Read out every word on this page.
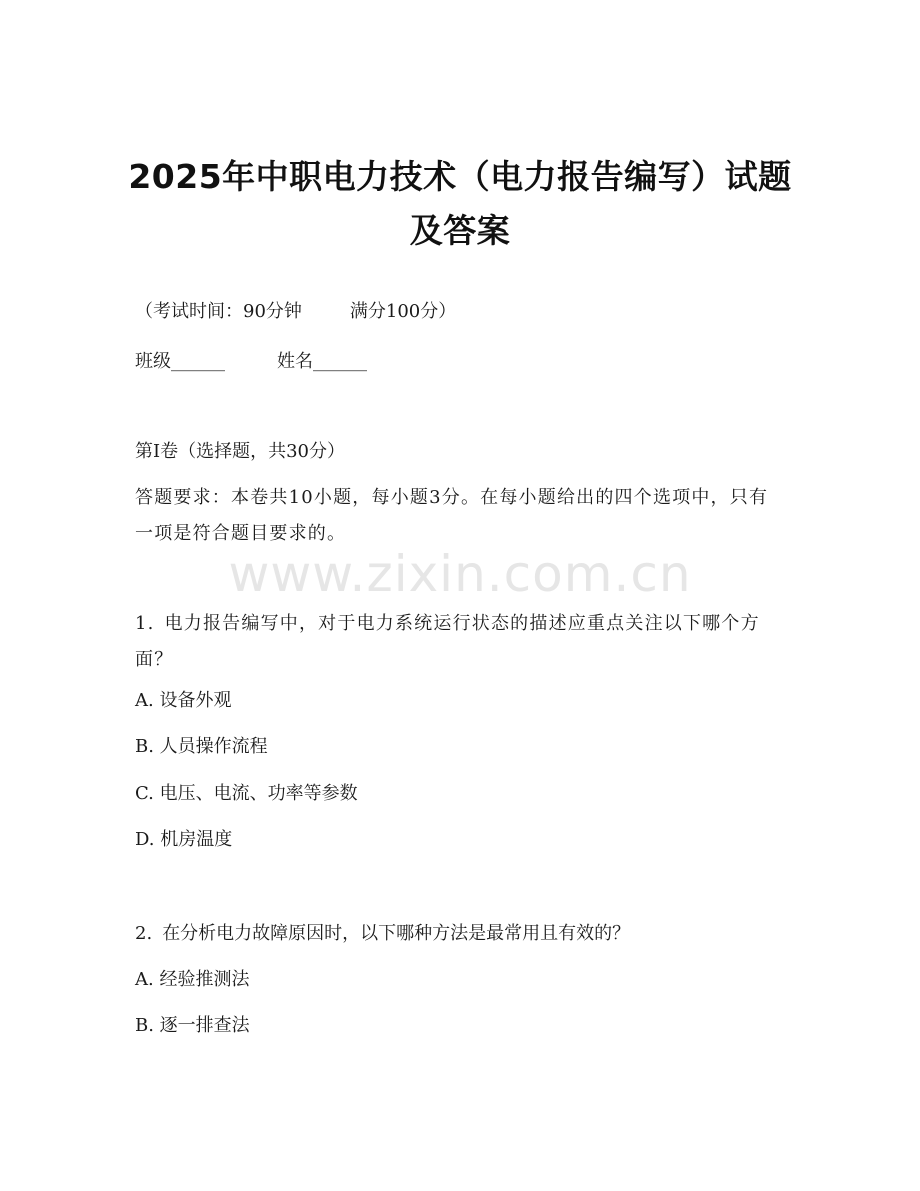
www.zixin.com.cn
2025年中职电力技术（电力报告编写）试题及答案

（考试时间：90分钟	满分100分）

班级______	姓名______

第I卷（选择题，共30分）

答题要求：本卷共10小题，每小题3分。在每小题给出的四个选项中，只有一项是符合题目要求的。

1. 电力报告编写中，对于电力系统运行状态的描述应重点关注以下哪个方面？

A. 设备外观

B. 人员操作流程

C. 电压、电流、功率等参数

D. 机房温度

2. 在分析电力故障原因时，以下哪种方法是最常用且有效的？

A. 经验推测法

B. 逐一排查法
